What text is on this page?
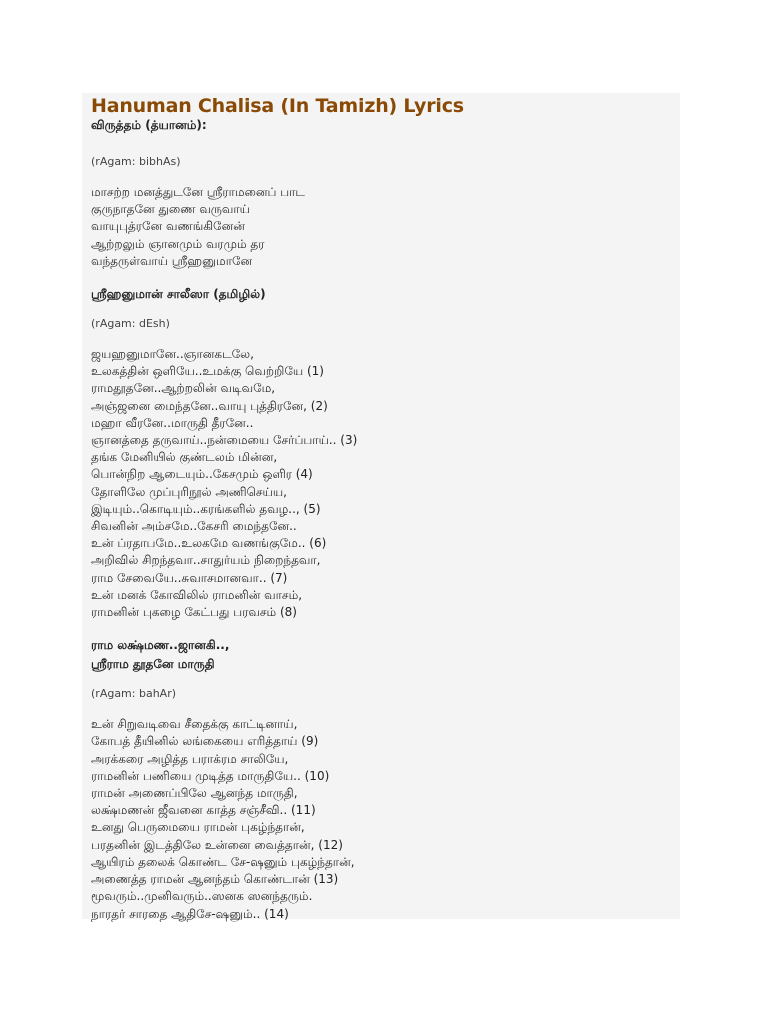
Hanuman Chalisa (In Tamizh) Lyrics
விருத்தம் (த்யானம்):
(rAgam: bibhAs)
மாசற்ற மனத்துடனே ஸ்ரீராமனைப் பாட
குருநாதனே துணை வருவாய்
வாயுபுத்ரனே வணங்கினேன்
ஆற்றலும் ஞானமும் வரமும் தர
வந்தருள்வாய் ஸ்ரீஹனுமானே
ஸ்ரீஹனுமான் சாலீஸா (தமிழில்)
(rAgam: dEsh)
ஜயஹனுமானே..ஞானகடலே,
உலகத்தின் ஒளியே..உமக்கு வெற்றியே (1)
ராமதூதனே..ஆற்றலின் வடிவமே,
அஞ்ஜனை மைந்தனே..வாயு புத்திரனே, (2)
மஹா வீரனே..மாருதி தீரனே..
ஞானத்தை தருவாய்..நன்மையை சேர்ப்பாய்.. (3)
தங்க மேனியில் குண்டலம் மின்ன,
பொன்நிற ஆடையும்..கேசமும் ஒளிர (4)
தோளிலே முப்புரிநூல் அணிசெய்ய,
இடியும்..கொடியும்..கரங்களில் தவழ.., (5)
சிவனின் அம்சமே..கேசரி மைந்தனே..
உன் ப்ரதாபமே..உலகமே வணங்குமே.. (6)
அறிவில் சிறந்தவா..சாதுர்யம் நிறைந்தவா,
ராம சேவையே..சுவாசமானவா.. (7)
உன் மனக் கோவிலில் ராமனின் வாசம்,
ராமனின் புகழை கேட்பது பரவசம் (8)
ராம லக்ஷ்மண..ஜானகி..,
ஸ்ரீராம தூதனே மாருதி
(rAgam: bahAr)
உன் சிறுவடிவை சீதைக்கு காட்டினாய்,
கோபத் தீயினில் லங்கையை எரித்தாய் (9)
அரக்கரை அழித்த பராக்ரம சாலியே,
ராமனின் பணியை முடித்த மாருதியே.. (10)
ராமன் அணைப்பிலே ஆனந்த மாருதி,
லக்ஷ்மணன் ஜீவனை காத்த சஞ்சீவி.. (11)
உனது பெருமையை ராமன் புகழ்ந்தான்,
பரதனின் இடத்திலே உன்னை வைத்தான், (12)
ஆயிரம் தலைக் கொண்ட சே-ஷனும் புகழ்ந்தான்,
அணைத்த ராமன் ஆனந்தம் கொண்டான் (13)
மூவரும்..முனிவரும்..ஸனக ஸனந்தரும்.
நாரதர் சாரதை ஆதிசே-ஷனும்.. (14)
